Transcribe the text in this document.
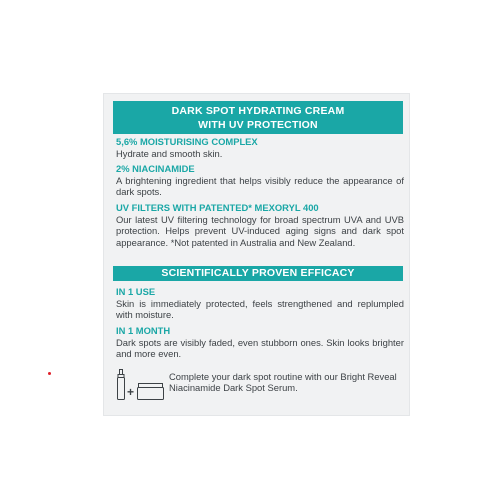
DARK SPOT HYDRATING CREAM
WITH UV PROTECTION
5,6% MOISTURISING COMPLEX
Hydrate and smooth skin.
2% NIACINAMIDE
A brightening ingredient that helps visibly reduce the appearance of dark spots.
UV FILTERS WITH PATENTED* MEXORYL 400
Our latest UV filtering technology for broad spectrum UVA and UVB protection. Helps prevent UV-induced aging signs and dark spot appearance. *Not patented in Australia and New Zealand.
SCIENTIFICALLY PROVEN EFFICACY
IN 1 USE
Skin is immediately protected, feels strengthened and replumpled with moisture.
IN 1 MONTH
Dark spots are visibly faded, even stubborn ones. Skin looks brighter and more even.
+
Complete your dark spot routine with our Bright Reveal Niacinamide Dark Spot Serum.
